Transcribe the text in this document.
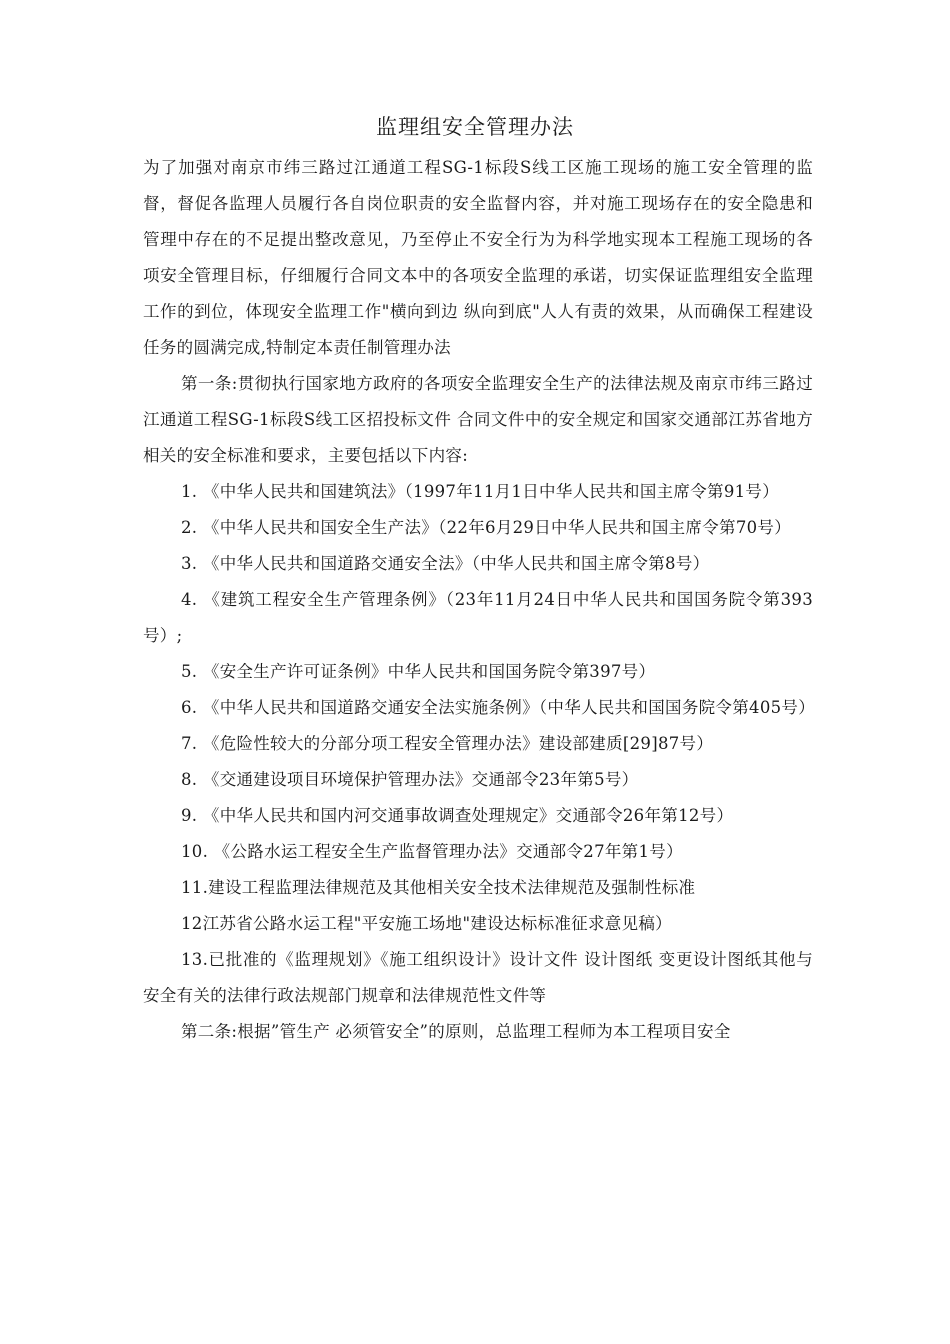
监理组安全管理办法

为了加强对南京市纬三路过江通道工程SG-1标段S线工区施工现场的施工安全管理的监督，督促各监理人员履行各自岗位职责的安全监督内容，并对施工现场存在的安全隐患和管理中存在的不足提出整改意见，乃至停止不安全行为为科学地实现本工程施工现场的各项安全管理目标，仔细履行合同文本中的各项安全监理的承诺，切实保证监理组安全监理工作的到位，体现安全监理工作"横向到边 纵向到底"人人有责的效果，从而确保工程建设任务的圆满完成,特制定本责任制管理办法

第一条:贯彻执行国家地方政府的各项安全监理安全生产的法律法规及南京市纬三路过江通道工程SG-1标段S线工区招投标文件 合同文件中的安全规定和国家交通部江苏省地方相关的安全标准和要求，主要包括以下内容:

1. 《中华人民共和国建筑法》（1997年11月1日中华人民共和国主席令第91号）

2. 《中华人民共和国安全生产法》（22年6月29日中华人民共和国主席令第70号）

3. 《中华人民共和国道路交通安全法》（中华人民共和国主席令第8号）

4. 《建筑工程安全生产管理条例》（23年11月24日中华人民共和国国务院令第393号）;

5. 《安全生产许可证条例》中华人民共和国国务院令第397号）

6. 《中华人民共和国道路交通安全法实施条例》（中华人民共和国国务院令第405号）

7. 《危险性较大的分部分项工程安全管理办法》建设部建质[29]87号）

8. 《交通建设项目环境保护管理办法》交通部令23年第5号）

9. 《中华人民共和国内河交通事故调查处理规定》交通部令26年第12号）

10. 《公路水运工程安全生产监督管理办法》交通部令27年第1号）

11.建设工程监理法律规范及其他相关安全技术法律规范及强制性标准

12江苏省公路水运工程"平安施工场地"建设达标标准征求意见稿）

13.已批准的《监理规划》《施工组织设计》设计文件 设计图纸 变更设计图纸其他与安全有关的法律行政法规部门规章和法律规范性文件等

第二条:根据”管生产 必须管安全”的原则，总监理工程师为本工程项目安全
